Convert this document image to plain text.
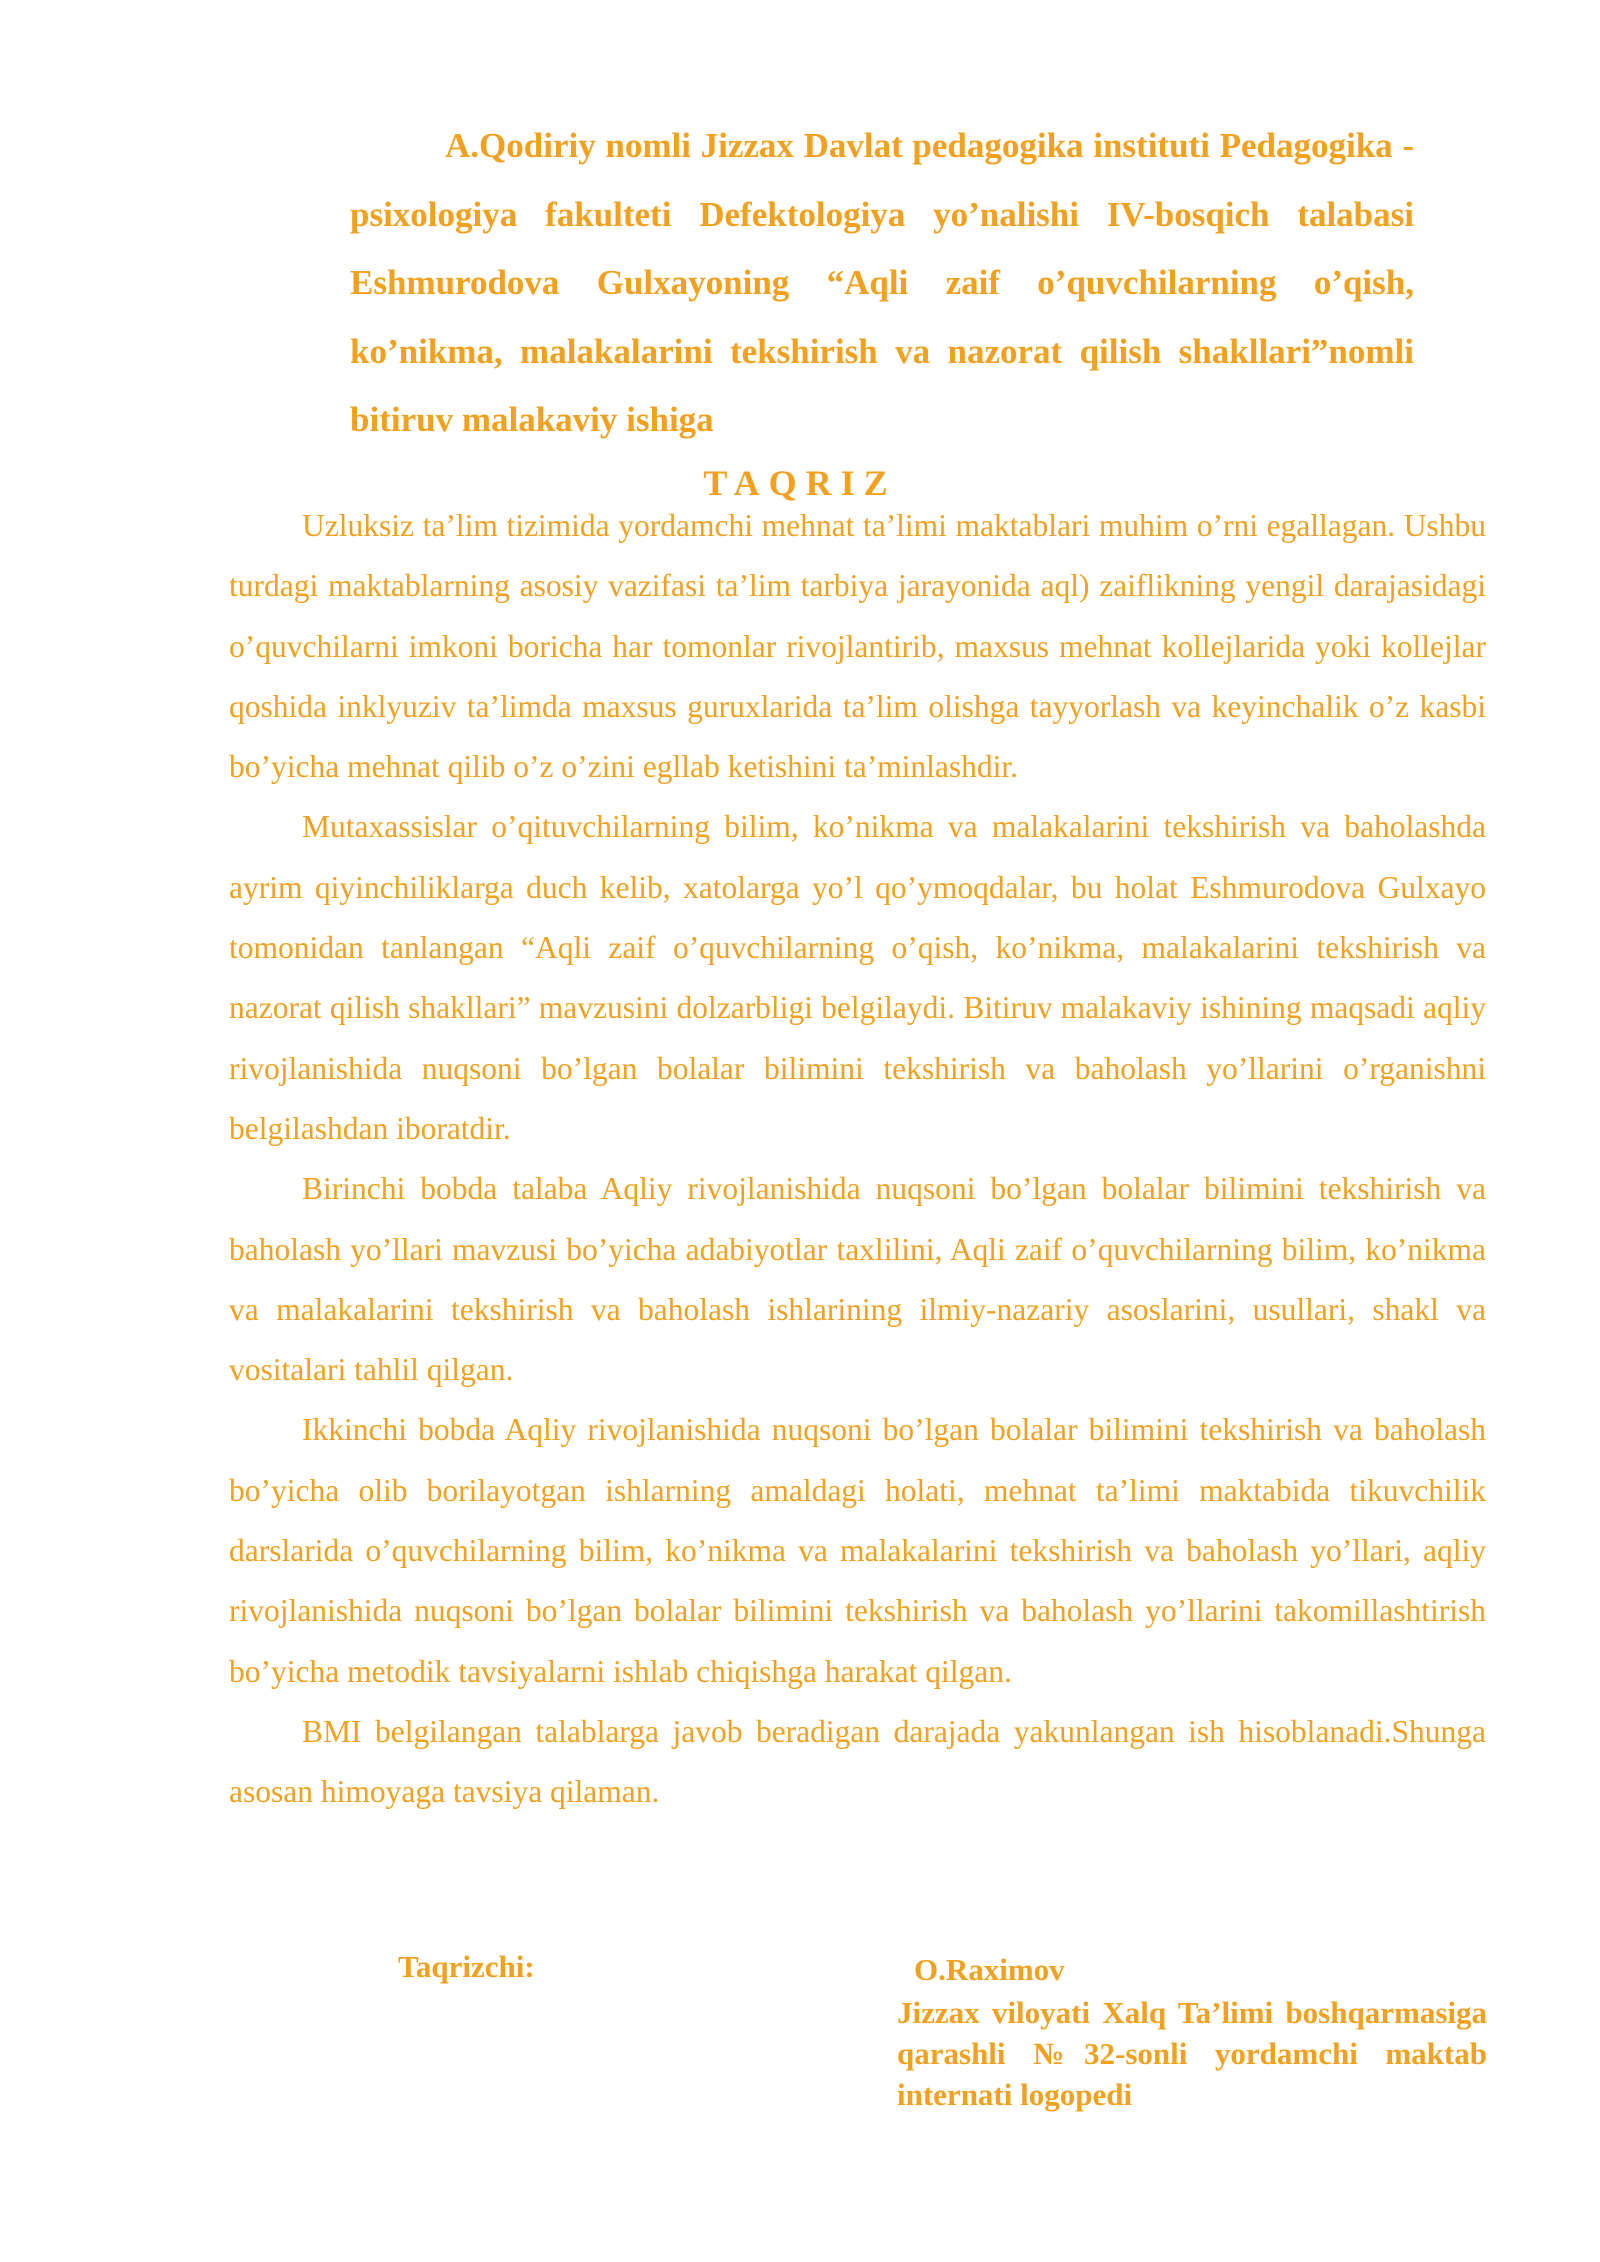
A.Qodiriy nomli Jizzax Davlat pedagogika instituti Pedagogika - psixologiya fakulteti Defektologiya yo’nalishi IV-bosqich talabasi Eshmurodova Gulxayoning “Aqli zaif o’quvchilarning o’qish, ko’nikma, malakalarini tekshirish va nazorat qilish shakllari”nomli bitiruv malakaviy ishiga

TAQRIZ

Uzluksiz ta’lim tizimida yordamchi mehnat ta’limi maktablari muhim o’rni egallagan. Ushbu turdagi maktablarning asosiy vazifasi ta’lim tarbiya jarayonida aql) zaiflikning yengil darajasidagi o’quvchilarni imkoni boricha har tomonlar rivojlantirib, maxsus mehnat kollejlarida yoki kollejlar qoshida inklyuziv ta’limda maxsus guruxlarida ta’lim olishga tayyorlash va keyinchalik o’z kasbi bo’yicha mehnat qilib o’z o’zini egllab ketishini ta’minlashdir.

Mutaxassislar o’qituvchilarning bilim, ko’nikma va malakalarini tekshirish va baholashda ayrim qiyinchiliklarga duch kelib, xatolarga yo’l qo’ymoqdalar, bu holat Eshmurodova Gulxayo tomonidan tanlangan “Aqli zaif o’quvchilarning o’qish, ko’nikma, malakalarini tekshirish va nazorat qilish shakllari” mavzusini dolzarbligi belgilaydi. Bitiruv malakaviy ishining maqsadi aqliy rivojlanishida nuqsoni bo’lgan bolalar bilimini tekshirish va baholash yo’llarini o’rganishni belgilashdan iboratdir.

Birinchi bobda talaba Aqliy rivojlanishida nuqsoni bo’lgan bolalar bilimini tekshirish va baholash yo’llari mavzusi bo’yicha adabiyotlar taxlilini, Aqli zaif o’quvchilarning bilim, ko’nikma va malakalarini tekshirish va baholash ishlarining ilmiy-nazariy asoslarini, usullari, shakl va vositalari tahlil qilgan.

Ikkinchi bobda Aqliy rivojlanishida nuqsoni bo’lgan bolalar bilimini tekshirish va baholash bo’yicha olib borilayotgan ishlarning amaldagi holati, mehnat ta’limi maktabida tikuvchilik darslarida o’quvchilarning bilim, ko’nikma va malakalarini tekshirish va baholash yo’llari, aqliy rivojlanishida nuqsoni bo’lgan bolalar bilimini tekshirish va baholash yo’llarini takomillashtirish bo’yicha metodik tavsiyalarni ishlab chiqishga harakat qilgan.

BMI belgilangan talablarga javob beradigan darajada yakunlangan ish hisoblanadi.Shunga asosan himoyaga tavsiya qilaman.

Taqrizchi:	O.Raximov

Jizzax viloyati Xalq Ta’limi boshqarmasiga qarashli №32-sonli yordamchi maktab internati logopedi
